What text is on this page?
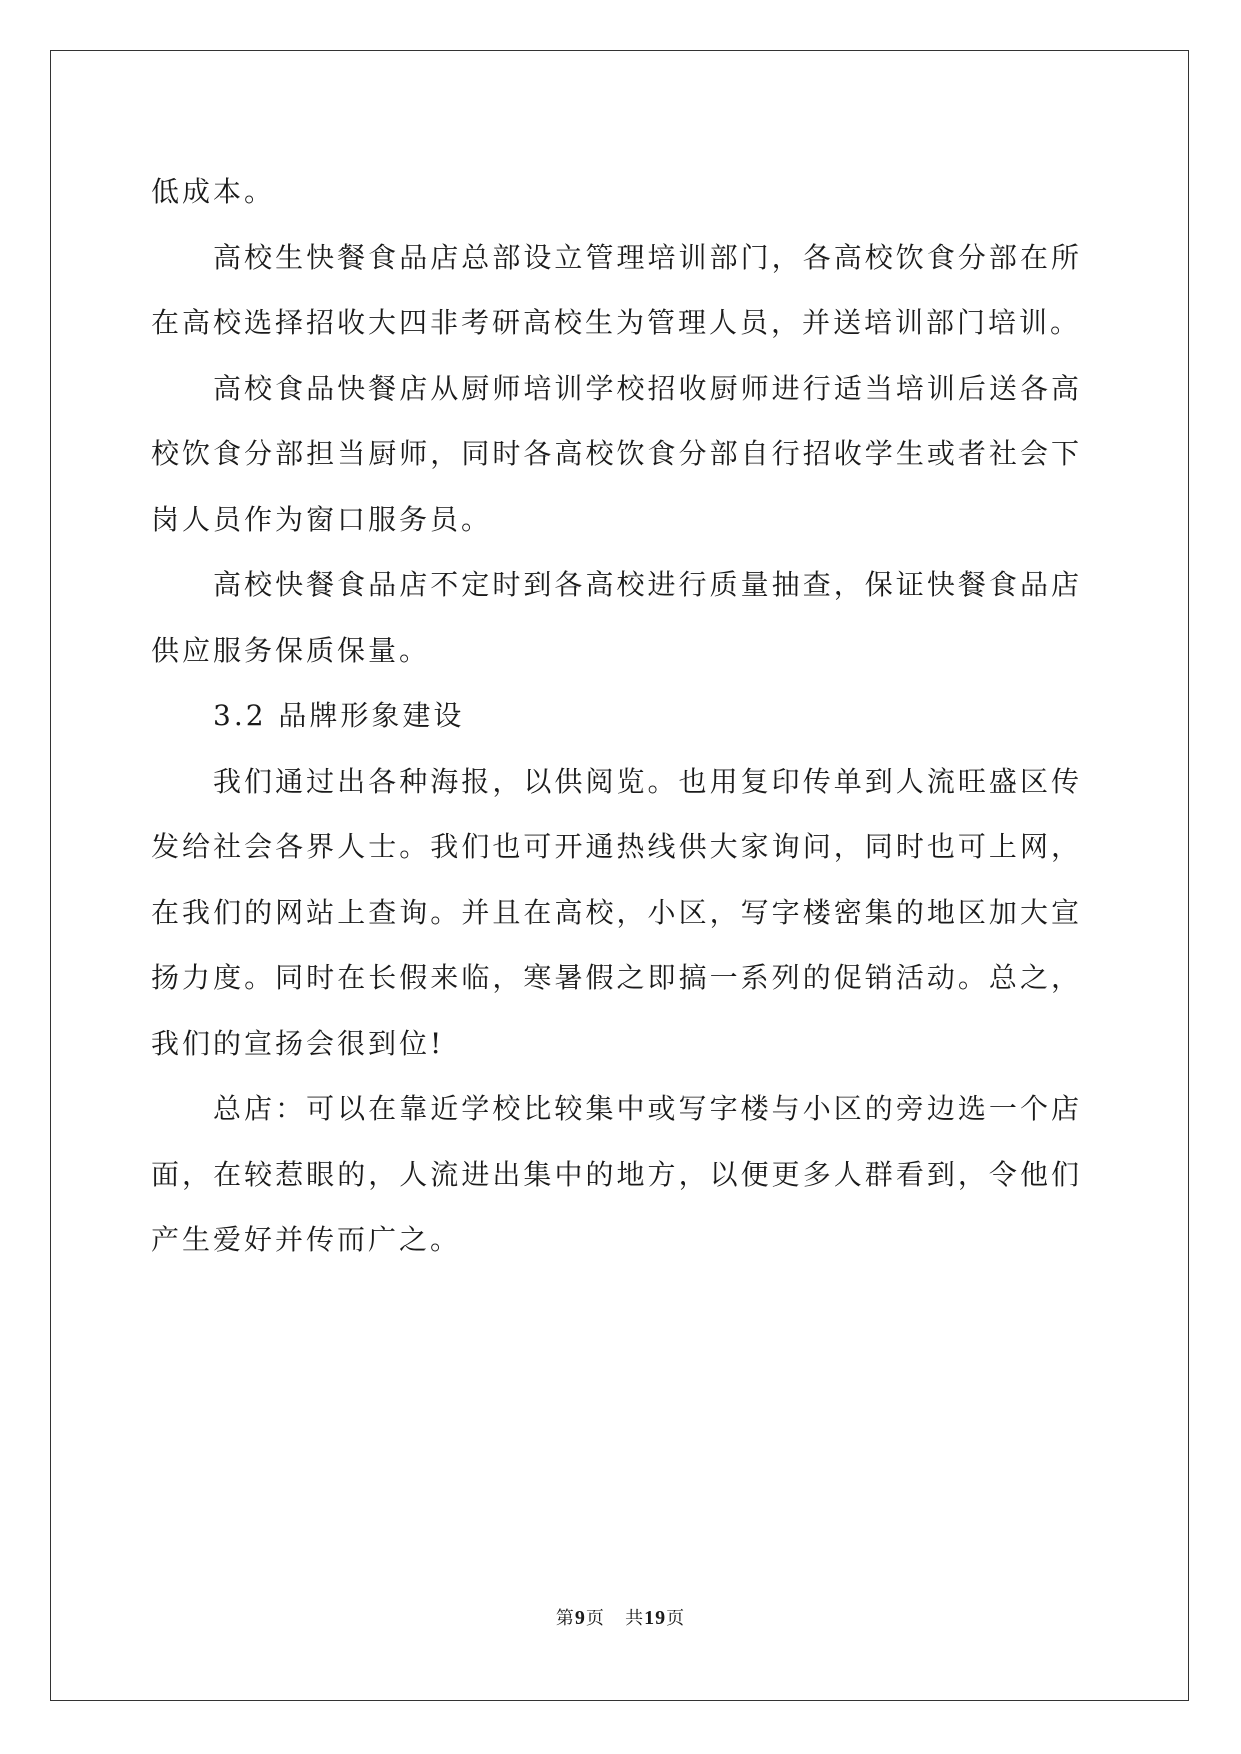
低成本。

高校生快餐食品店总部设立管理培训部门，各高校饮食分部在所在高校选择招收大四非考研高校生为管理人员，并送培训部门培训。

高校食品快餐店从厨师培训学校招收厨师进行适当培训后送各高校饮食分部担当厨师，同时各高校饮食分部自行招收学生或者社会下岗人员作为窗口服务员。

高校快餐食品店不定时到各高校进行质量抽查，保证快餐食品店供应服务保质保量。

3.2 品牌形象建设

我们通过出各种海报，以供阅览。也用复印传单到人流旺盛区传发给社会各界人士。我们也可开通热线供大家询问，同时也可上网，在我们的网站上查询。并且在高校，小区，写字楼密集的地区加大宣扬力度。同时在长假来临，寒暑假之即搞一系列的促销活动。总之，我们的宣扬会很到位!

总店：可以在靠近学校比较集中或写字楼与小区的旁边选一个店面，在较惹眼的，人流进出集中的地方，以便更多人群看到，令他们产生爱好并传而广之。

第9页 共19页
